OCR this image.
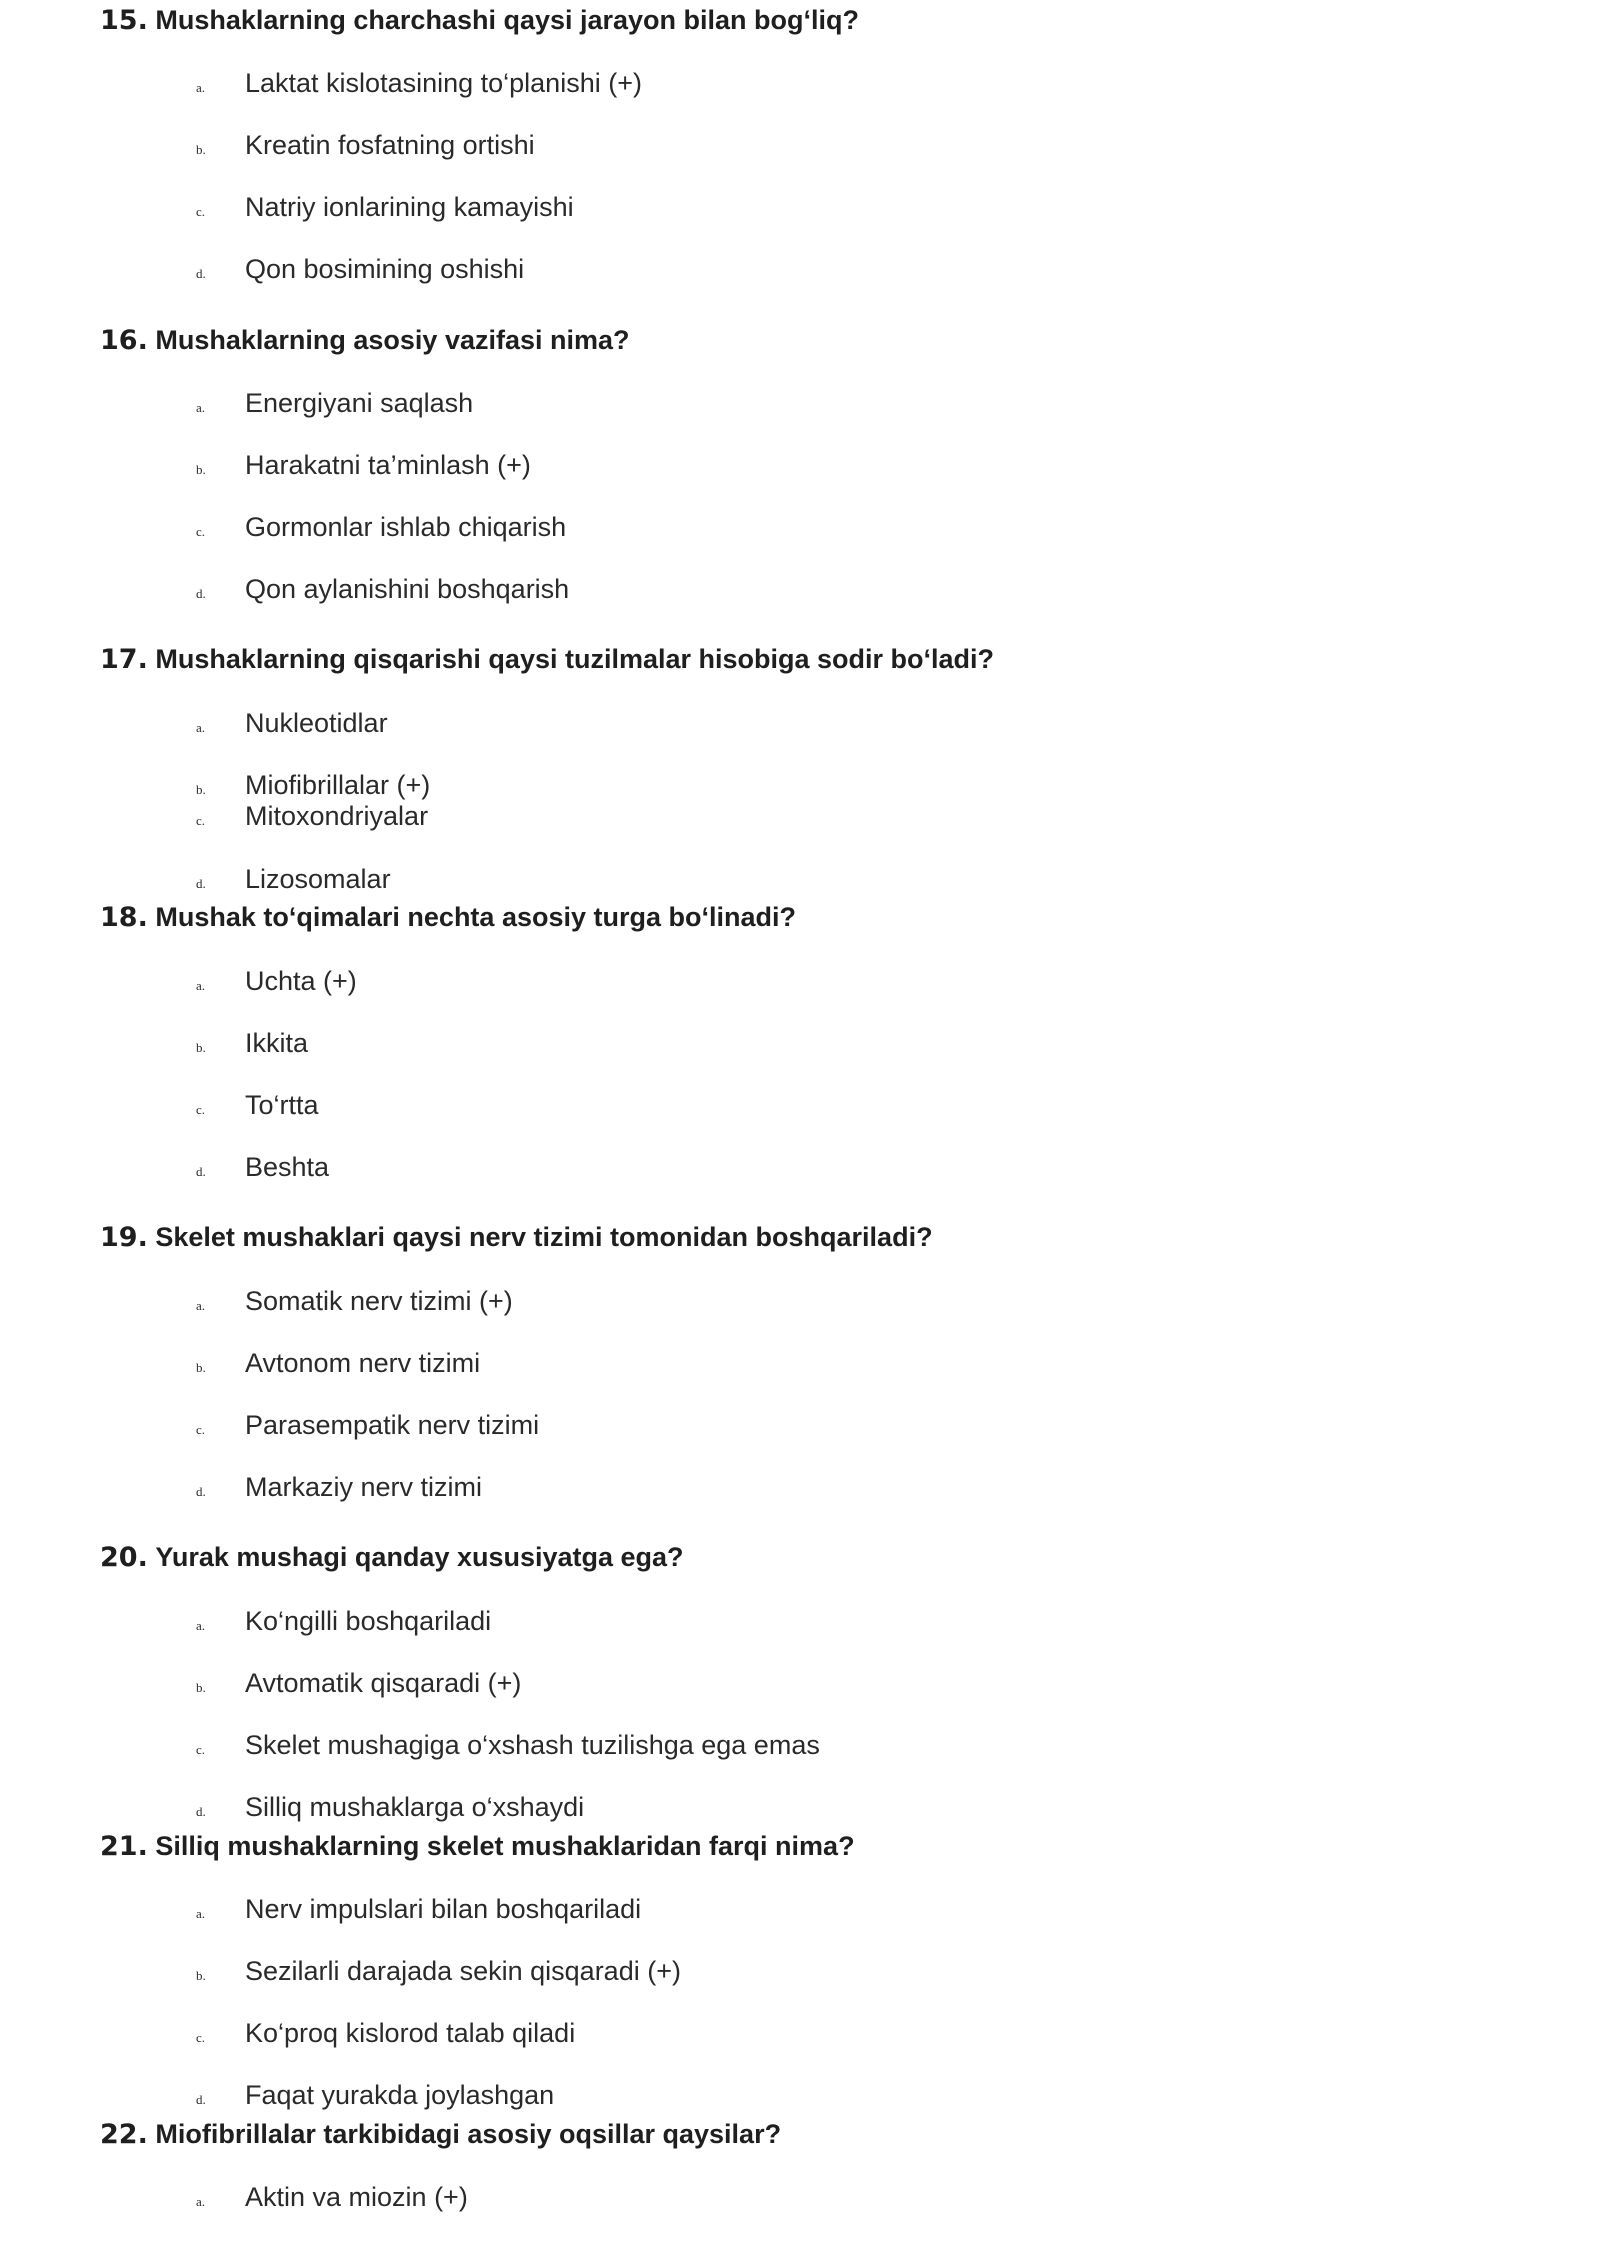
15. Mushaklarning charchashi qaysi jarayon bilan bog‘liq?

a.	Laktat kislotasining to‘planishi (+)
b.	Kreatin fosfatning ortishi
c.	Natriy ionlarining kamayishi
d.	Qon bosimining oshishi

16. Mushaklarning asosiy vazifasi nima?

a.	Energiyani saqlash
b.	Harakatni ta’minlash (+)
c.	Gormonlar ishlab chiqarish
d.	Qon aylanishini boshqarish

17. Mushaklarning qisqarishi qaysi tuzilmalar hisobiga sodir bo‘ladi?

a.	Nukleotidlar
b.	Miofibrillalar (+)
c.	Mitoxondriyalar
d.	Lizosomalar

18. Mushak to‘qimalari nechta asosiy turga bo‘linadi?

a.	Uchta (+)
b.	Ikkita
c.	To‘rtta
d.	Beshta

19. Skelet mushaklari qaysi nerv tizimi tomonidan boshqariladi?

a.	Somatik nerv tizimi (+)
b.	Avtonom nerv tizimi
c.	Parasempatik nerv tizimi
d.	Markaziy nerv tizimi

20. Yurak mushagi qanday xususiyatga ega?

a.	Ko‘ngilli boshqariladi
b.	Avtomatik qisqaradi (+)
c.	Skelet mushagiga o‘xshash tuzilishga ega emas
d.	Silliq mushaklarga o‘xshaydi

21. Silliq mushaklarning skelet mushaklaridan farqi nima?

a.	Nerv impulslari bilan boshqariladi
b.	Sezilarli darajada sekin qisqaradi (+)
c.	Ko‘proq kislorod talab qiladi
d.	Faqat yurakda joylashgan

22. Miofibrillalar tarkibidagi asosiy oqsillar qaysilar?

a.	Aktin va miozin (+)
